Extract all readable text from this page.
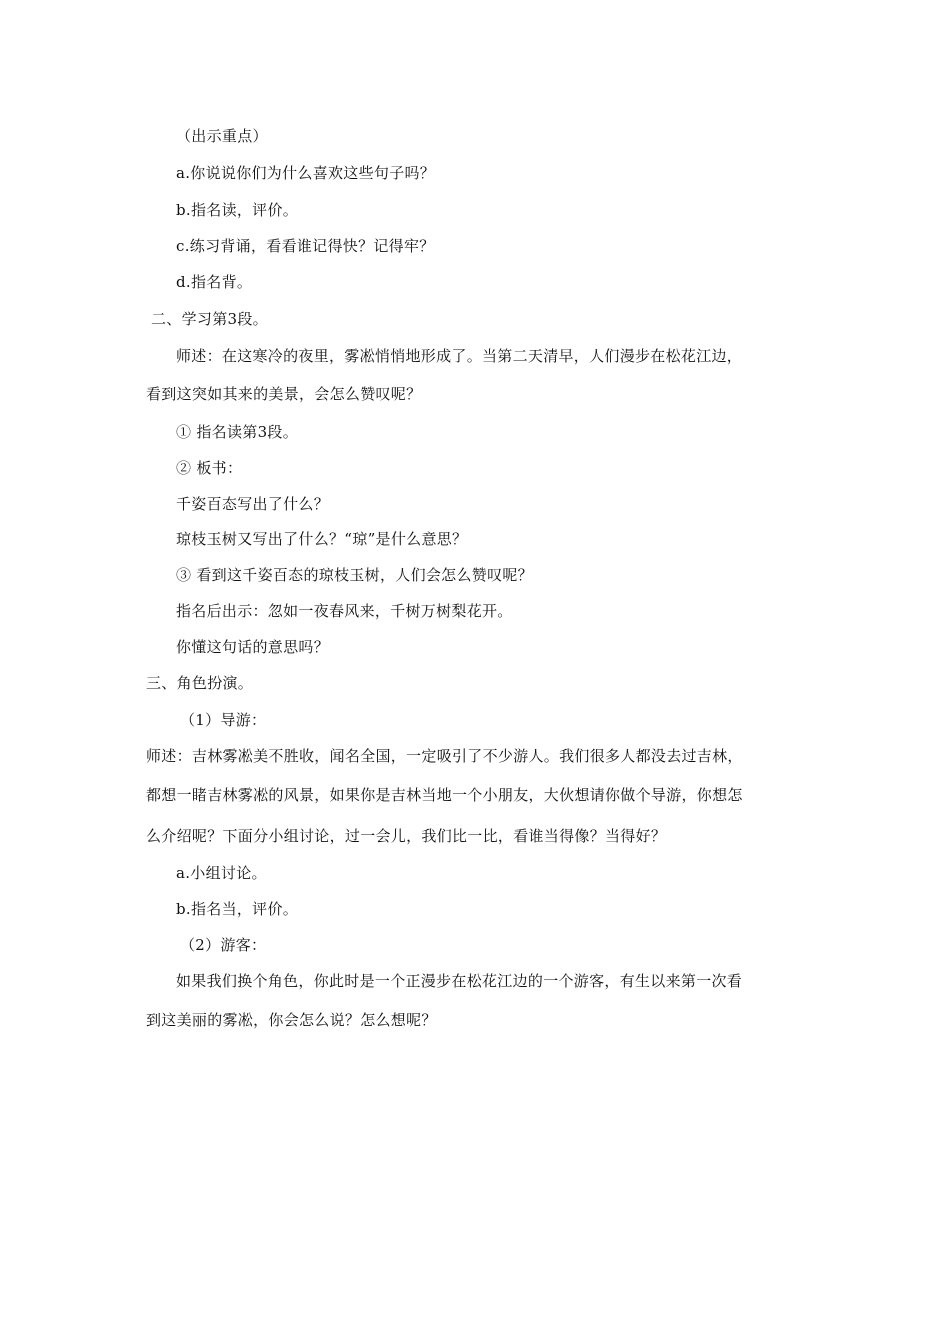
（出示重点）
a.你说说你们为什么喜欢这些句子吗？
b.指名读，评价。
c.练习背诵，看看谁记得快？记得牢？
d.指名背。
二、学习第3段。
师述：在这寒冷的夜里，雾凇悄悄地形成了。当第二天清早，人们漫步在松花江边，
看到这突如其来的美景，会怎么赞叹呢？
① 指名读第3段。
② 板书：
千姿百态写出了什么？
琼枝玉树又写出了什么？“琼”是什么意思？
③ 看到这千姿百态的琼枝玉树，人们会怎么赞叹呢？
指名后出示：忽如一夜春风来，千树万树梨花开。
你懂这句话的意思吗？
三、角色扮演。
（1）导游：
师述：吉林雾凇美不胜收，闻名全国，一定吸引了不少游人。我们很多人都没去过吉林，
都想一睹吉林雾凇的风景，如果你是吉林当地一个小朋友，大伙想请你做个导游，你想怎
么介绍呢？下面分小组讨论，过一会儿，我们比一比，看谁当得像？当得好？
a.小组讨论。
b.指名当，评价。
（2）游客：
如果我们换个角色，你此时是一个正漫步在松花江边的一个游客，有生以来第一次看
到这美丽的雾凇，你会怎么说？怎么想呢？
